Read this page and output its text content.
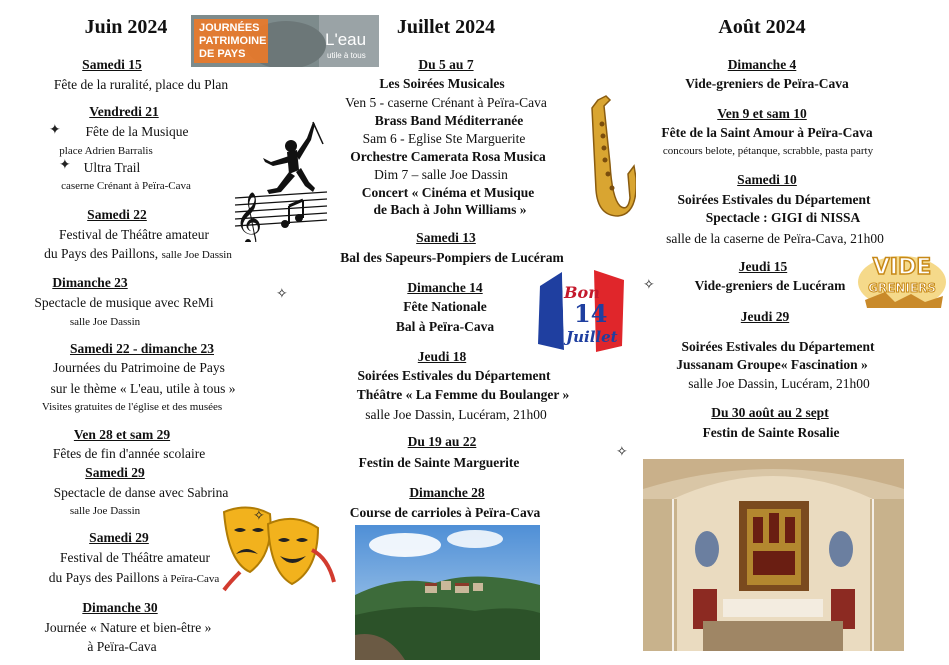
Juin 2024	Juillet 2024	Août 2024
Samedi 15
Fête de la ruralité, place du Plan
Vendredi 21
Fête de la Musique
place Adrien Barralis
Ultra Trail
caserne Crénant à Peïra-Cava
Samedi 22
Festival de Théâtre amateur
du Pays des Paillons, salle Joe Dassin
Dimanche 23
Spectacle de musique avec ReMi
salle Joe Dassin
Samedi 22 - dimanche 23
Journées du Patrimoine de Pays
sur le thème « L'eau, utile à tous »
Visites gratuites de l'église et des musées
Ven 28 et sam 29
Fêtes de fin d'année scolaire
Samedi 29
Spectacle de danse avec Sabrina
salle Joe Dassin
Samedi 29
Festival de Théâtre amateur
du Pays des Paillons à Peïra-Cava
Dimanche 30
Journée « Nature et bien-être »
à Peïra-Cava
Du 5 au 7
Les Soirées Musicales
Ven 5 - caserne Crénant à Peïra-Cava
Brass Band Méditerranée
Sam 6 - Eglise Ste Marguerite
Orchestre Camerata Rosa Musica
Dim 7 – salle Joe Dassin
Concert « Cinéma et Musique
de Bach à John Williams »
Samedi 13
Bal des Sapeurs-Pompiers de Lucéram
Dimanche 14
Fête Nationale
Bal à Peïra-Cava
Jeudi 18
Soirées Estivales du Département
Théâtre « La Femme du Boulanger »
salle Joe Dassin, Lucéram, 21h00
Du 19 au 22
Festin de Sainte Marguerite
Dimanche 28
Course de carrioles à Peïra-Cava
Dimanche 4
Vide-greniers de Peïra-Cava
Ven 9 et sam 10
Fête de la Saint Amour à Peïra-Cava
concours belote, pétanque, scrabble, pasta party
Samedi 10
Soirées Estivales du Département
Spectacle : GIGI di NISSA
salle de la caserne de Peïra-Cava, 21h00
Jeudi 15
Vide-greniers de Lucéram
Jeudi 29
Soirées Estivales du Département
Jussanam Groupe« Fascination »
salle Joe Dassin, Lucéram, 21h00
Du 30 août au 2 sept
Festin de Sainte Rosalie
JOURNÉES
PATRIMOINE
DE PAYS
L'eau
utile à tous
𝄞
Bon
14
Juillet
VIDE
GRENIERS
✦
✦
✧
✧
✧
✧
